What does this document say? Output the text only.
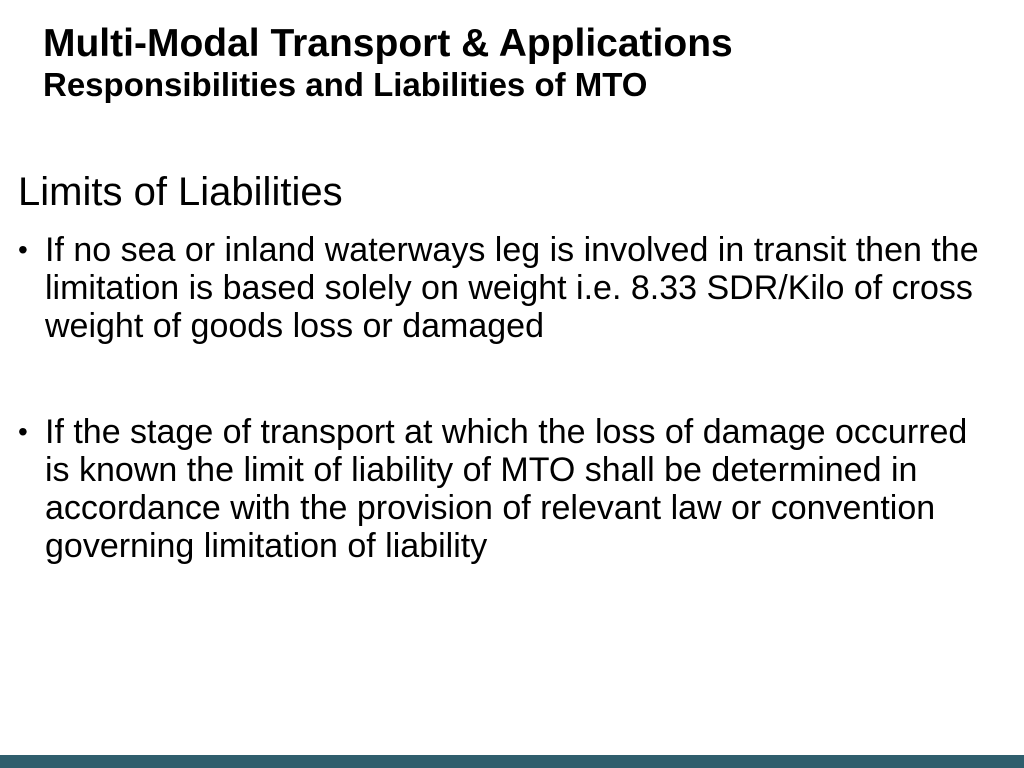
Multi-Modal Transport & Applications
Responsibilities and Liabilities of MTO
Limits of Liabilities
• If no sea or inland waterways leg is involved in transit then the
limitation is based solely on weight i.e. 8.33 SDR/Kilo of cross
weight of goods loss or damaged
• If the stage of transport at which the loss of damage occurred
is known the limit of liability of MTO shall be determined in
accordance with the provision of relevant law or convention
governing limitation of liability
